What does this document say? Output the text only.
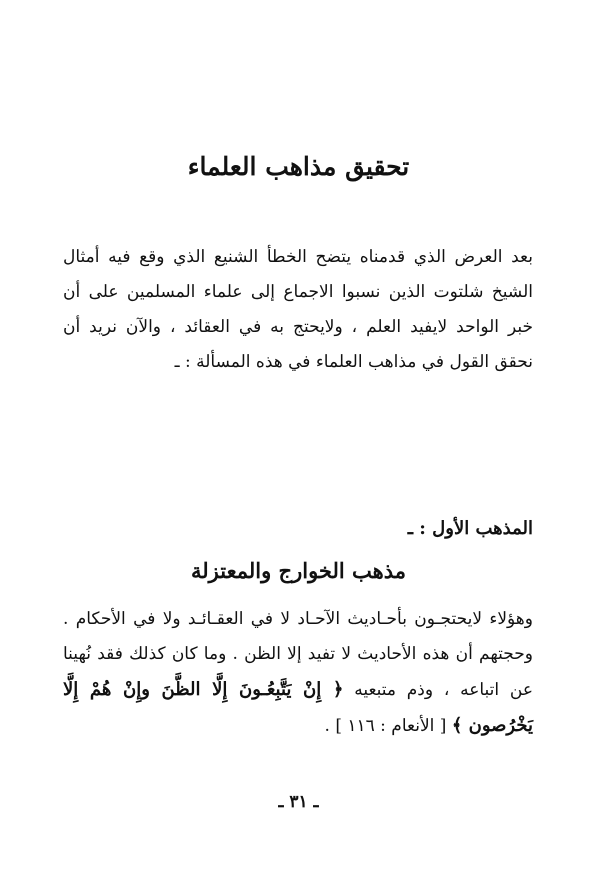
تحقيق مذاهب العلماء

بعد العرض الذي قدمناه يتضح الخطأ الشنيع الذي وقع فيه أمثال الشيخ شلتوت الذين نسبوا الاجماع إلى علماء المسلمين على أن خبر الواحد لايفيد العلم ، ولايحتج به في العقائد ، والآن نريد أن نحقق القول في مذاهب العلماء في هذه المسألة : ـ

المذهب الأول : ـ
مذهب الخوارج والمعتزلة

وهؤلاء لايحتجـون بأحـاديث الآحـاد لا في العقـائـد ولا في الأحكام . وحجتهم أن هذه الأحاديث لا تفيد إلا الظن . وما كان كذلك فقد نُهينا عن اتباعه ، وذم متبعيه ﴿ إِنْ يَتَّبِعُـونَ إِلَّا الظَّنَ وإِنْ هُمْ إِلَّا يَخْرُصون ﴾ [ الأنعام : ١١٦ ] .

ـ ٣١ ـ
